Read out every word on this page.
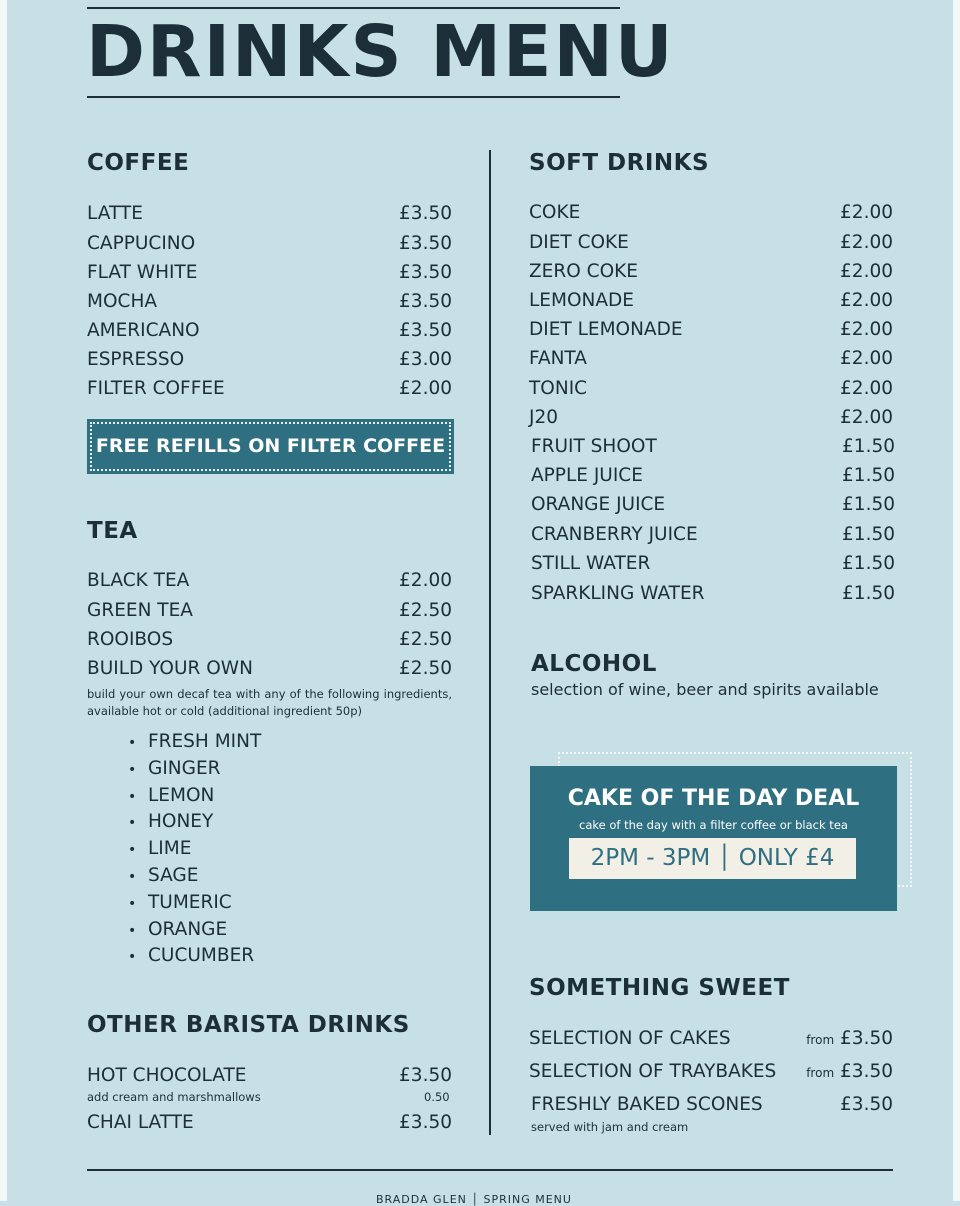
DRINKS MENU
COFFEE
LATTE	£3.50
CAPPUCINO	£3.50
FLAT WHITE	£3.50
MOCHA	£3.50
AMERICANO	£3.50
ESPRESSO	£3.00
FILTER COFFEE	£2.00
FREE REFILLS ON FILTER COFFEE
TEA
BLACK TEA	£2.00
GREEN TEA	£2.50
ROOIBOS	£2.50
BUILD YOUR OWN	£2.50
build your own decaf tea with any of the following ingredients, available hot or cold (additional ingredient 50p)
• FRESH MINT
• GINGER
• LEMON
• HONEY
• LIME
• SAGE
• TUMERIC
• ORANGE
• CUCUMBER
OTHER BARISTA DRINKS
HOT CHOCOLATE	£3.50
add cream and marshmallows	0.50
CHAI LATTE	£3.50
SOFT DRINKS
COKE	£2.00
DIET COKE	£2.00
ZERO COKE	£2.00
LEMONADE	£2.00
DIET LEMONADE	£2.00
FANTA	£2.00
TONIC	£2.00
J20	£2.00
FRUIT SHOOT	£1.50
APPLE JUICE	£1.50
ORANGE JUICE	£1.50
CRANBERRY JUICE	£1.50
STILL WATER	£1.50
SPARKLING WATER	£1.50
ALCOHOL
selection of wine, beer and spirits available
CAKE OF THE DAY DEAL
cake of the day with a filter coffee or black tea
2PM - 3PM │ ONLY £4
SOMETHING SWEET
SELECTION OF CAKES	from £3.50
SELECTION OF TRAYBAKES from £3.50
FRESHLY BAKED SCONES	£3.50
served with jam and cream
BRADDA GLEN │ SPRING MENU
